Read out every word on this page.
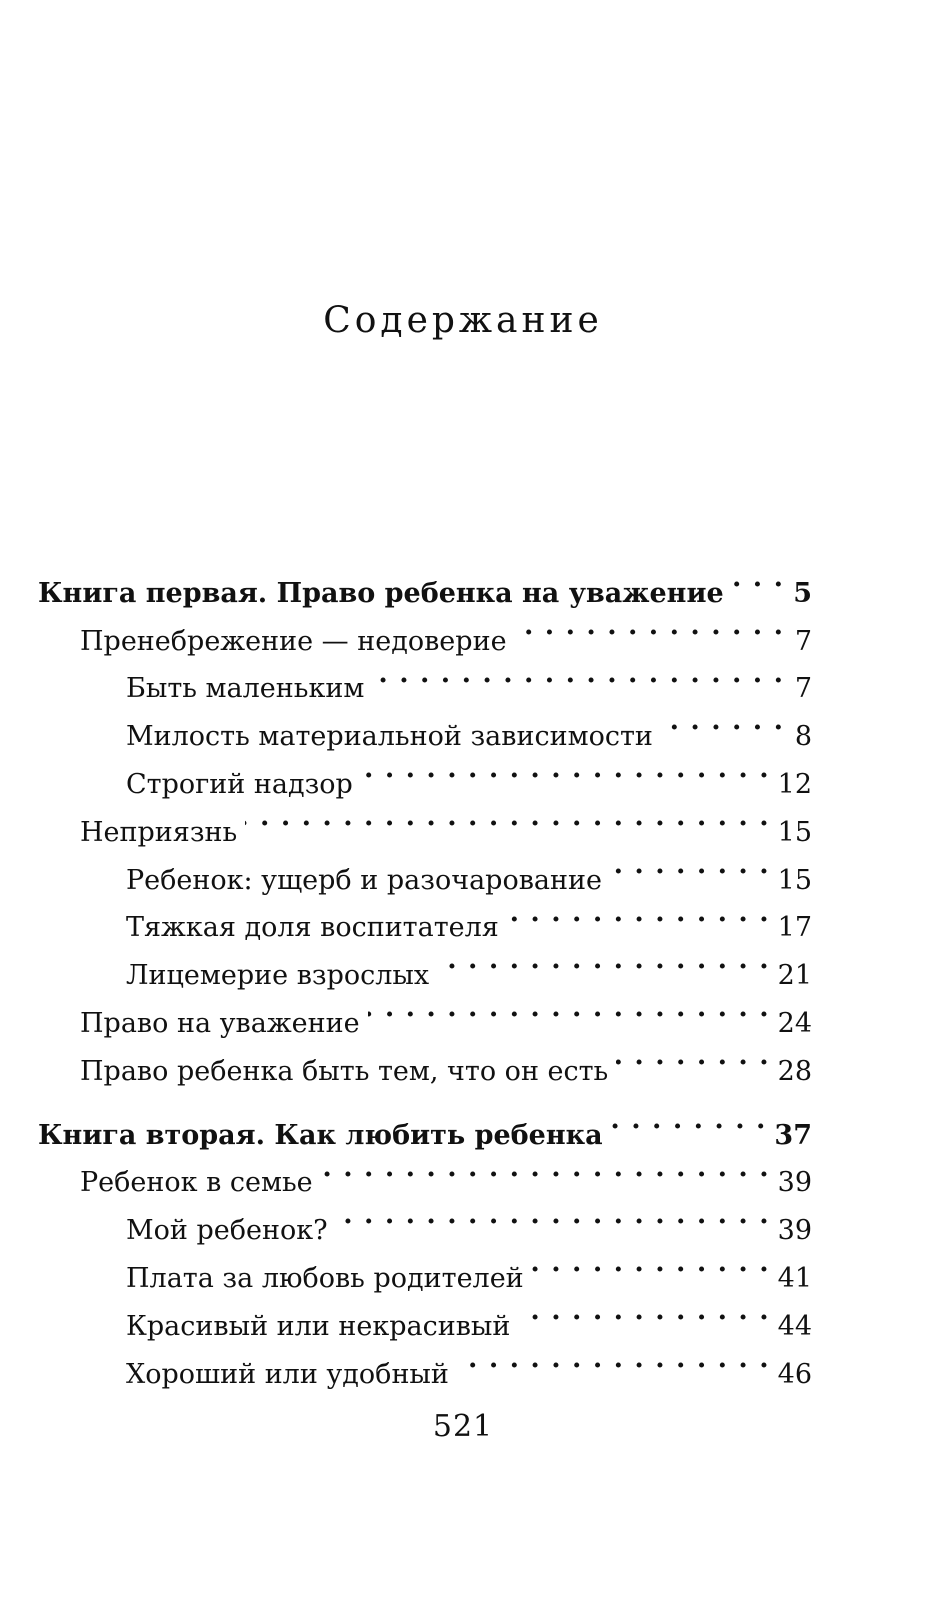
Содержание
Книга первая. Право ребенка на уважение . . .	5
Пренебрежение — недоверие . . .	7
Быть маленьким . . .	7
Милость материальной зависимости . . .	8
Строгий надзор . . .	12
Неприязнь . . .	15
Ребенок: ущерб и разочарование . . .	15
Тяжкая доля воспитателя . . .	17
Лицемерие взрослых . . .	21
Право на уважение . . .	24
Право ребенка быть тем, что он есть . . .	28
Книга вторая. Как любить ребенка . . .	37
Ребенок в семье . . .	39
Мой ребенок? . . .	39
Плата за любовь родителей . . .	41
Красивый или некрасивый . . .	44
Хороший или удобный . . .	46
521
